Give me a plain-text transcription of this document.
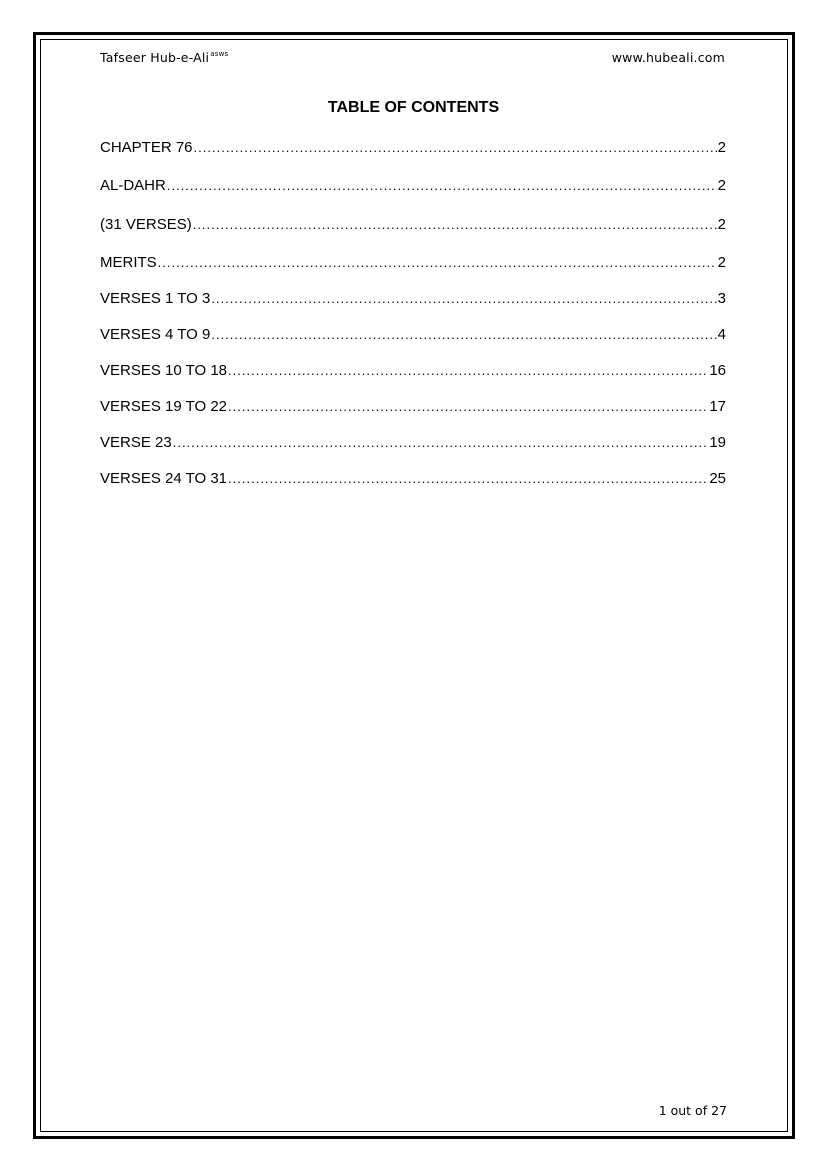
Tafseer Hub-e-Ali$^{asws}$	www.hubeali.com
TABLE OF CONTENTS
CHAPTER 76 .....	2
AL-DAHR .....	2
(31 VERSES) .....	2
MERITS .....	2
VERSES 1 TO 3 .....	3
VERSES 4 TO 9 .....	4
VERSES 10 TO 18 .....	16
VERSES 19 TO 22 .....	17
VERSE 23 .....	19
VERSES 24 TO 31 .....	25
1 out of 27
